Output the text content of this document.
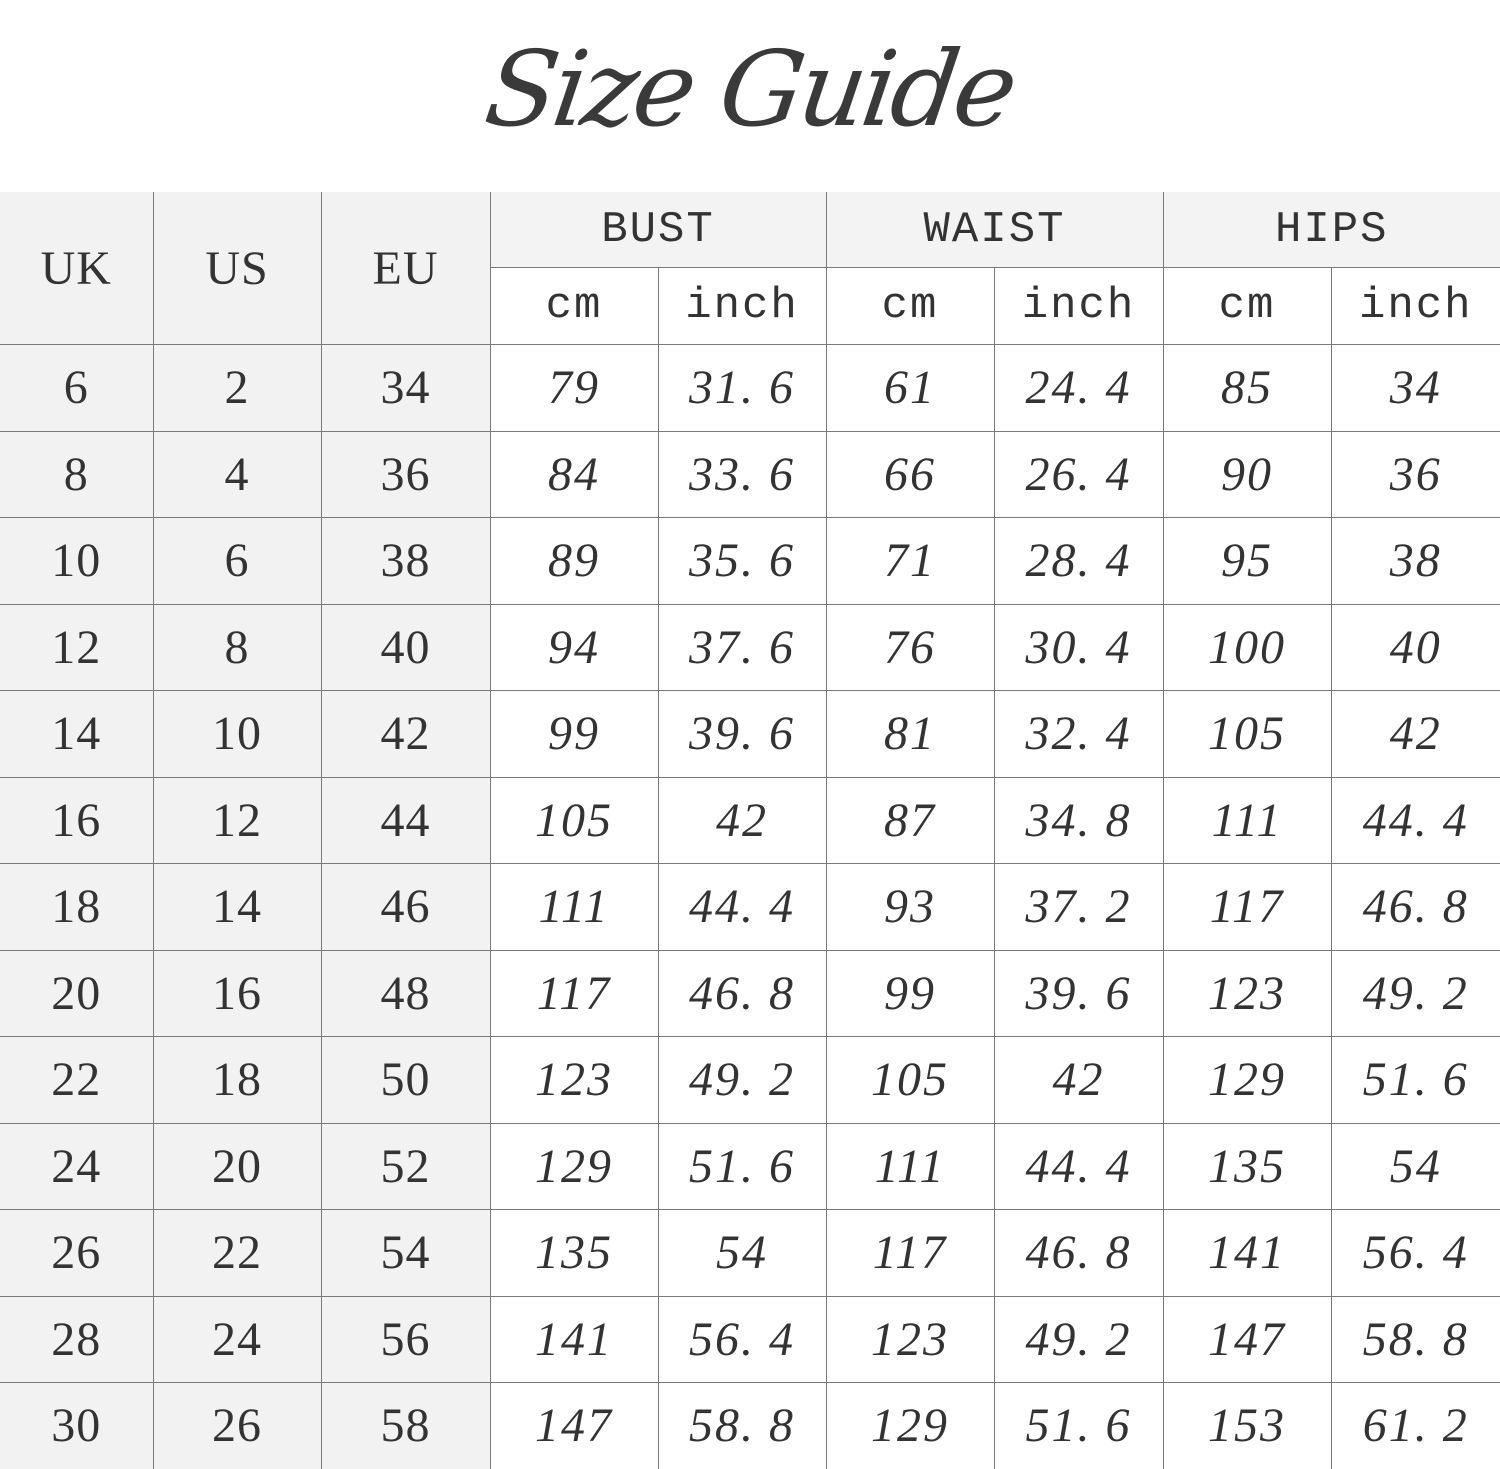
Size Guide
UK	US	EU	BUST		WAIST		HIPS	
			cm	inch	cm	inch	cm	inch
6	2	34	79	31. 6	61	24. 4	85	34
8	4	36	84	33. 6	66	26. 4	90	36
10	6	38	89	35. 6	71	28. 4	95	38
12	8	40	94	37. 6	76	30. 4	100	40
14	10	42	99	39. 6	81	32. 4	105	42
16	12	44	105	42	87	34. 8	111	44. 4
18	14	46	111	44. 4	93	37. 2	117	46. 8
20	16	48	117	46. 8	99	39. 6	123	49. 2
22	18	50	123	49. 2	105	42	129	51. 6
24	20	52	129	51. 6	111	44. 4	135	54
26	22	54	135	54	117	46. 8	141	56. 4
28	24	56	141	56. 4	123	49. 2	147	58. 8
30	26	58	147	58. 8	129	51. 6	153	61. 2
